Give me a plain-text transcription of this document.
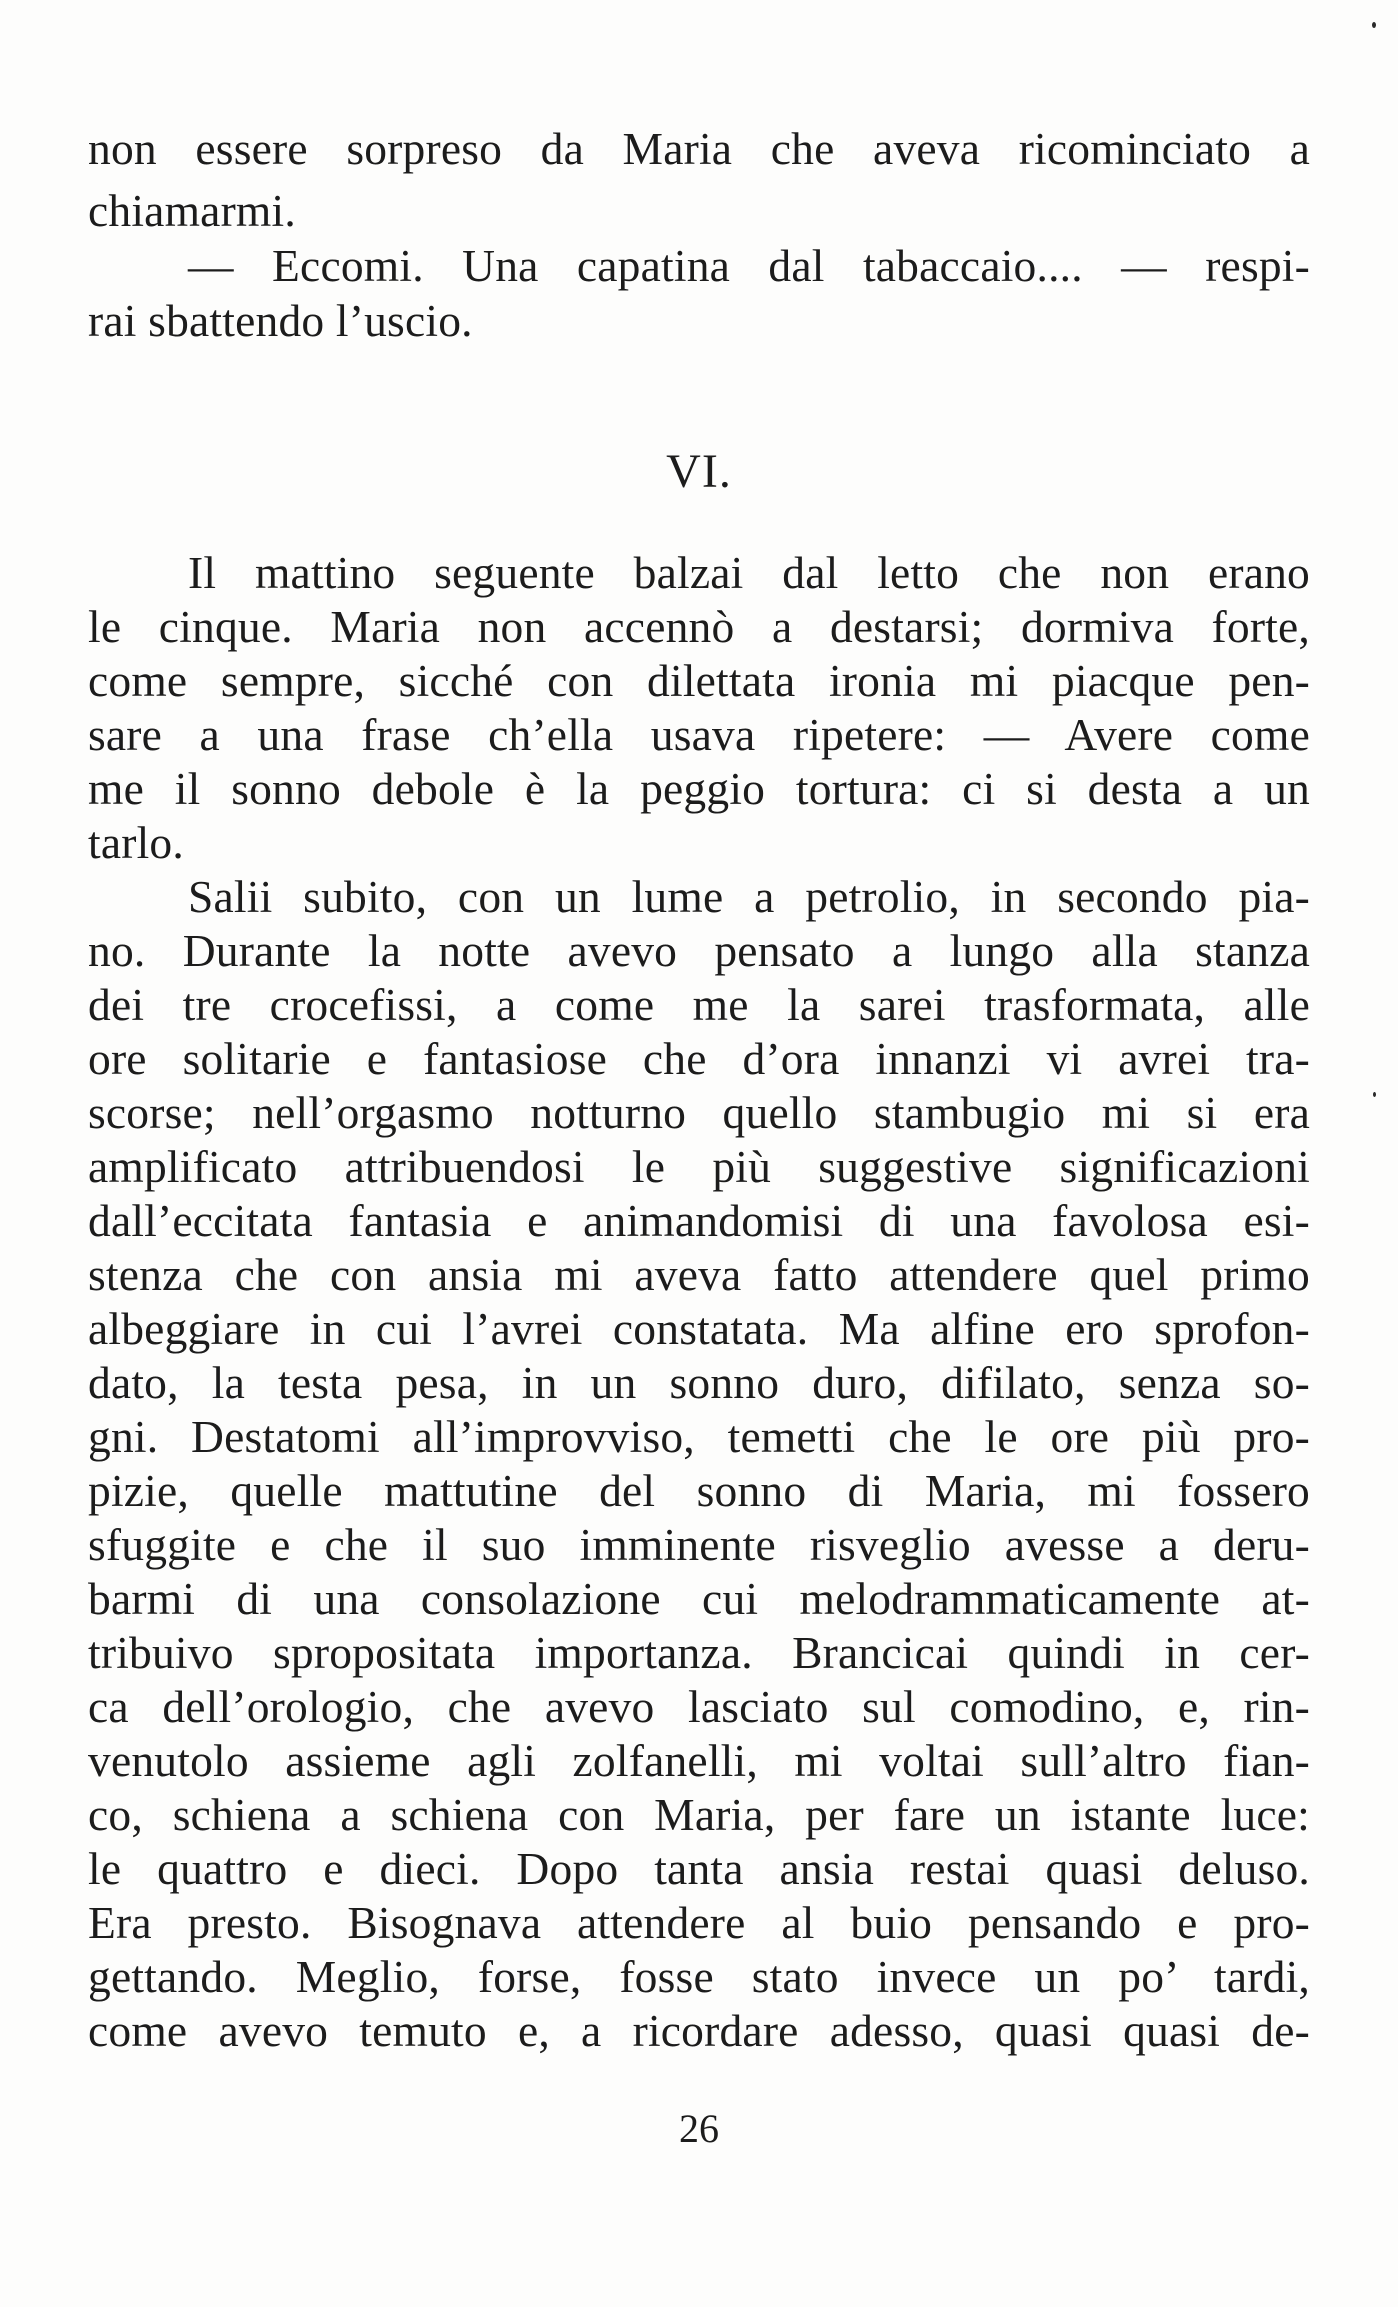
non essere sorpreso da Maria che aveva ricominciato a
chiamarmi.
— Eccomi. Una capatina dal tabaccaio.... — respi-
rai sbattendo l’uscio.
VI.
Il mattino seguente balzai dal letto che non erano
le cinque. Maria non accennò a destarsi; dormiva forte,
come sempre, sicché con dilettata ironia mi piacque pen-
sare a una frase ch’ella usava ripetere: — Avere come
me il sonno debole è la peggio tortura: ci si desta a un
tarlo.
Salii subito, con un lume a petrolio, in secondo pia-
no. Durante la notte avevo pensato a lungo alla stanza
dei tre crocefissi, a come me la sarei trasformata, alle
ore solitarie e fantasiose che d’ora innanzi vi avrei tra-
scorse; nell’orgasmo notturno quello stambugio mi si era
amplificato attribuendosi le più suggestive significazioni
dall’eccitata fantasia e animandomisi di una favolosa esi-
stenza che con ansia mi aveva fatto attendere quel primo
albeggiare in cui l’avrei constatata. Ma alfine ero sprofon-
dato, la testa pesa, in un sonno duro, difilato, senza so-
gni. Destatomi all’improvviso, temetti che le ore più pro-
pizie, quelle mattutine del sonno di Maria, mi fossero
sfuggite e che il suo imminente risveglio avesse a deru-
barmi di una consolazione cui melodrammaticamente at-
tribuivo spropositata importanza. Brancicai quindi in cer-
ca dell’orologio, che avevo lasciato sul comodino, e, rin-
venutolo assieme agli zolfanelli, mi voltai sull’altro fian-
co, schiena a schiena con Maria, per fare un istante luce:
le quattro e dieci. Dopo tanta ansia restai quasi deluso.
Era presto. Bisognava attendere al buio pensando e pro-
gettando. Meglio, forse, fosse stato invece un po’ tardi,
come avevo temuto e, a ricordare adesso, quasi quasi de-
26
